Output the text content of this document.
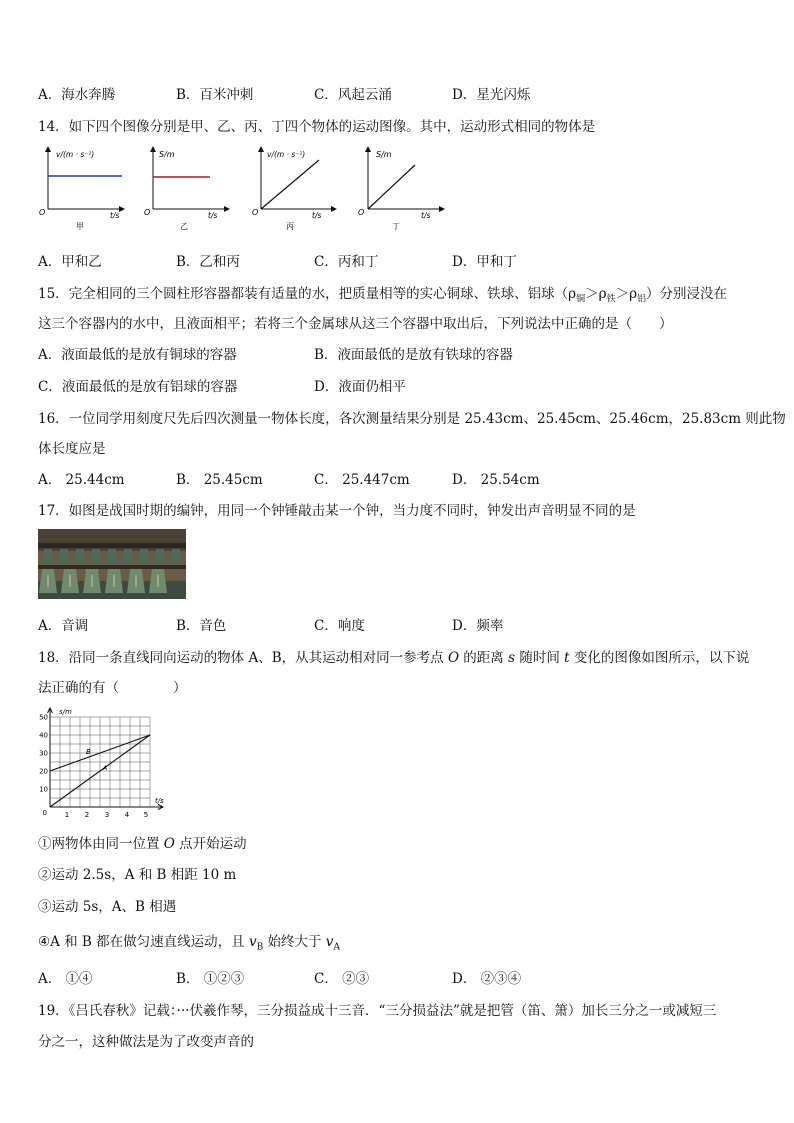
A．海水奔腾	B．百米冲刺	C．风起云涌	D．星光闪烁
14．如下四个图像分别是甲、乙、丙、丁四个物体的运动图像。其中，运动形式相同的物体是
v/(m · s⁻¹)
O	t/s
甲
S/m
O	t/s
乙
v/(m · s⁻¹)
O	t/s
丙
S/m
O	t/s
丁
A．甲和乙	B．乙和丙	C．丙和丁	D．甲和丁
15．完全相同的三个圆柱形容器都装有适量的水，把质量相等的实心铜球、铁球、铝球$(\rho_铜>\rho_铁>\rho_铝)$分别浸没在
这三个容器内的水中，且液面相平；若将三个金属球从这三个容器中取出后，下列说法中正确的是（　　）
A．液面最低的是放有铜球的容器	B．液面最低的是放有铁球的容器
C．液面最低的是放有铝球的容器	D．液面仍相平
16．一位同学用刻度尺先后四次测量一物体长度，各次测量结果分别是 25.43cm、25.45cm、25.46cm，25.83cm 则此物
体长度应是
A． 25.44cm	B． 25.45cm	C． 25.447cm	D． 25.54cm
17．如图是战国时期的编钟，用同一个钟锤敲击某一个钟，当力度不同时，钟发出声音明显不同的是
A．音调	B．音色	C．响度	D．频率
18．沿同一条直线同向运动的物体 A、B，从其运动相对同一参考点 O 的距离 s 随时间 t 变化的图像如图所示，以下说
法正确的有（　　　　）
10
20
30
40
50
1 2 3 4 5
0
s/m
t/s
B
A
①两物体由同一位置 O 点开始运动
②运动 2.5s，A 和 B 相距 10 m
③运动 5s，A、B 相遇
④A 和 B 都在做匀速直线运动，且 $v_B$ 始终大于 $v_A$
A． ①④	B． ①②③	C． ②③	D． ②③④
19．《吕氏春秋》记载：···伏羲作琴，三分损益成十三音．“三分损益法”就是把管（笛、箫）加长三分之一或减短三
分之一，这种做法是为了改变声音的
